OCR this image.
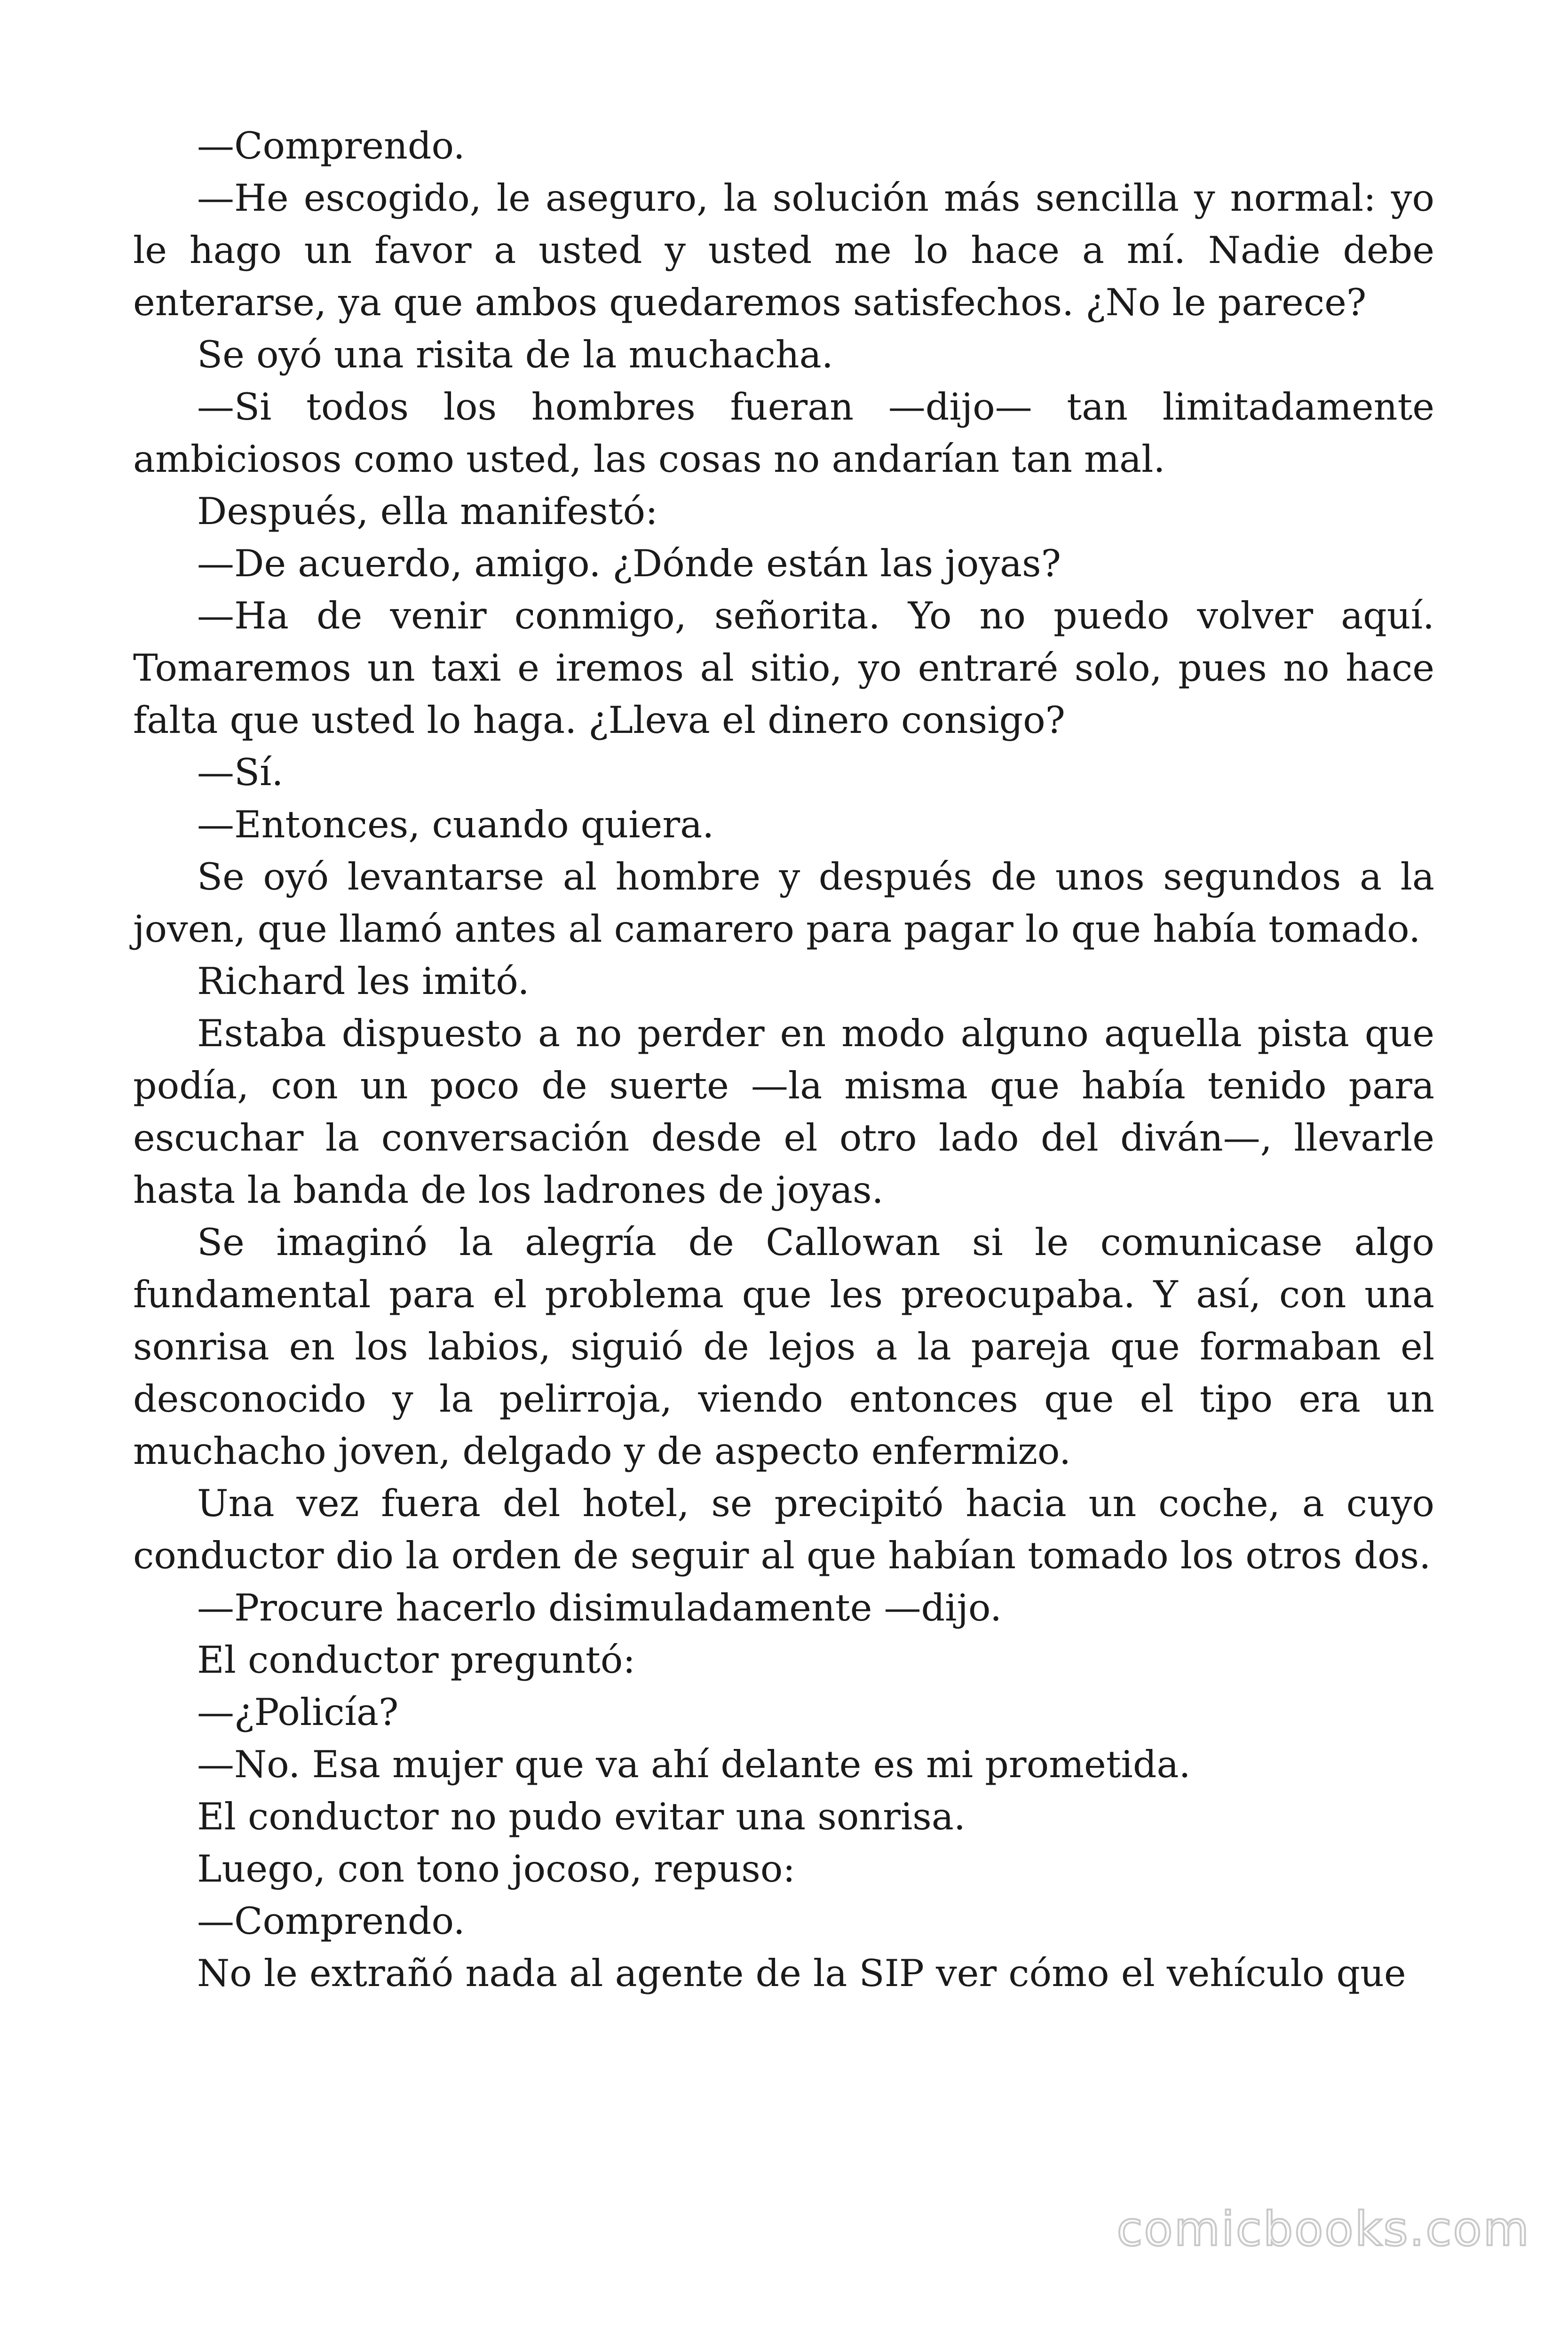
—Comprendo.

—He escogido, le aseguro, la solución más sencilla y normal: yo le hago un favor a usted y usted me lo hace a mí. Nadie debe enterarse, ya que ambos quedaremos satisfechos. ¿No le parece?

Se oyó una risita de la muchacha.

—Si todos los hombres fueran —dijo— tan limitadamente ambiciosos como usted, las cosas no andarían tan mal.

Después, ella manifestó:

—De acuerdo, amigo. ¿Dónde están las joyas?

—Ha de venir conmigo, señorita. Yo no puedo volver aquí. Tomaremos un taxi e iremos al sitio, yo entraré solo, pues no hace falta que usted lo haga. ¿Lleva el dinero consigo?

—Sí.

—Entonces, cuando quiera.

Se oyó levantarse al hombre y después de unos segundos a la joven, que llamó antes al camarero para pagar lo que había tomado.

Richard les imitó.

Estaba dispuesto a no perder en modo alguno aquella pista que podía, con un poco de suerte —la misma que había tenido para escuchar la conversación desde el otro lado del diván—, llevarle hasta la banda de los ladrones de joyas.

Se imaginó la alegría de Callowan si le comunicase algo fundamental para el problema que les preocupaba. Y así, con una sonrisa en los labios, siguió de lejos a la pareja que formaban el desconocido y la pelirroja, viendo entonces que el tipo era un muchacho joven, delgado y de aspecto enfermizo.

Una vez fuera del hotel, se precipitó hacia un coche, a cuyo conductor dio la orden de seguir al que habían tomado los otros dos.

—Procure hacerlo disimuladamente —dijo.

El conductor preguntó:

—¿Policía?

—No. Esa mujer que va ahí delante es mi prometida.

El conductor no pudo evitar una sonrisa.

Luego, con tono jocoso, repuso:

—Comprendo.

No le extrañó nada al agente de la SIP ver cómo el vehículo que

comicbooks.com
